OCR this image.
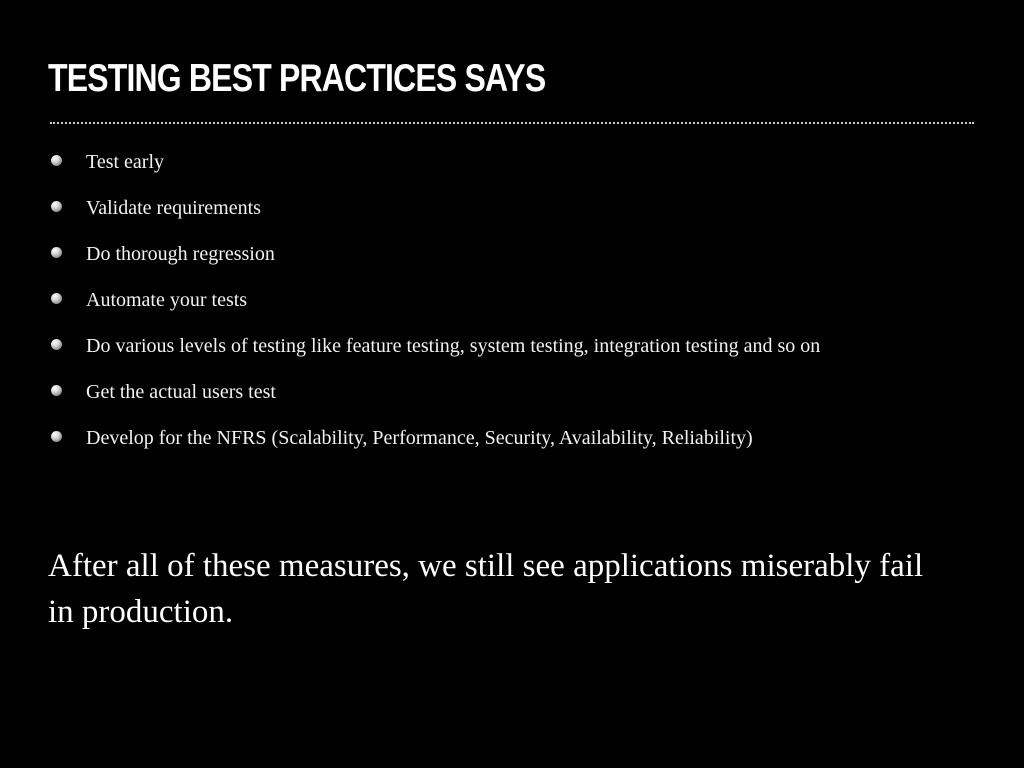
TESTING BEST PRACTICES SAYS
Test early
Validate requirements
Do thorough regression
Automate your tests
Do various levels of testing like feature testing, system testing, integration testing and so on
Get the actual users test
Develop for the NFRS (Scalability, Performance, Security, Availability, Reliability)

After all of these measures, we still see applications miserably fail in production.
